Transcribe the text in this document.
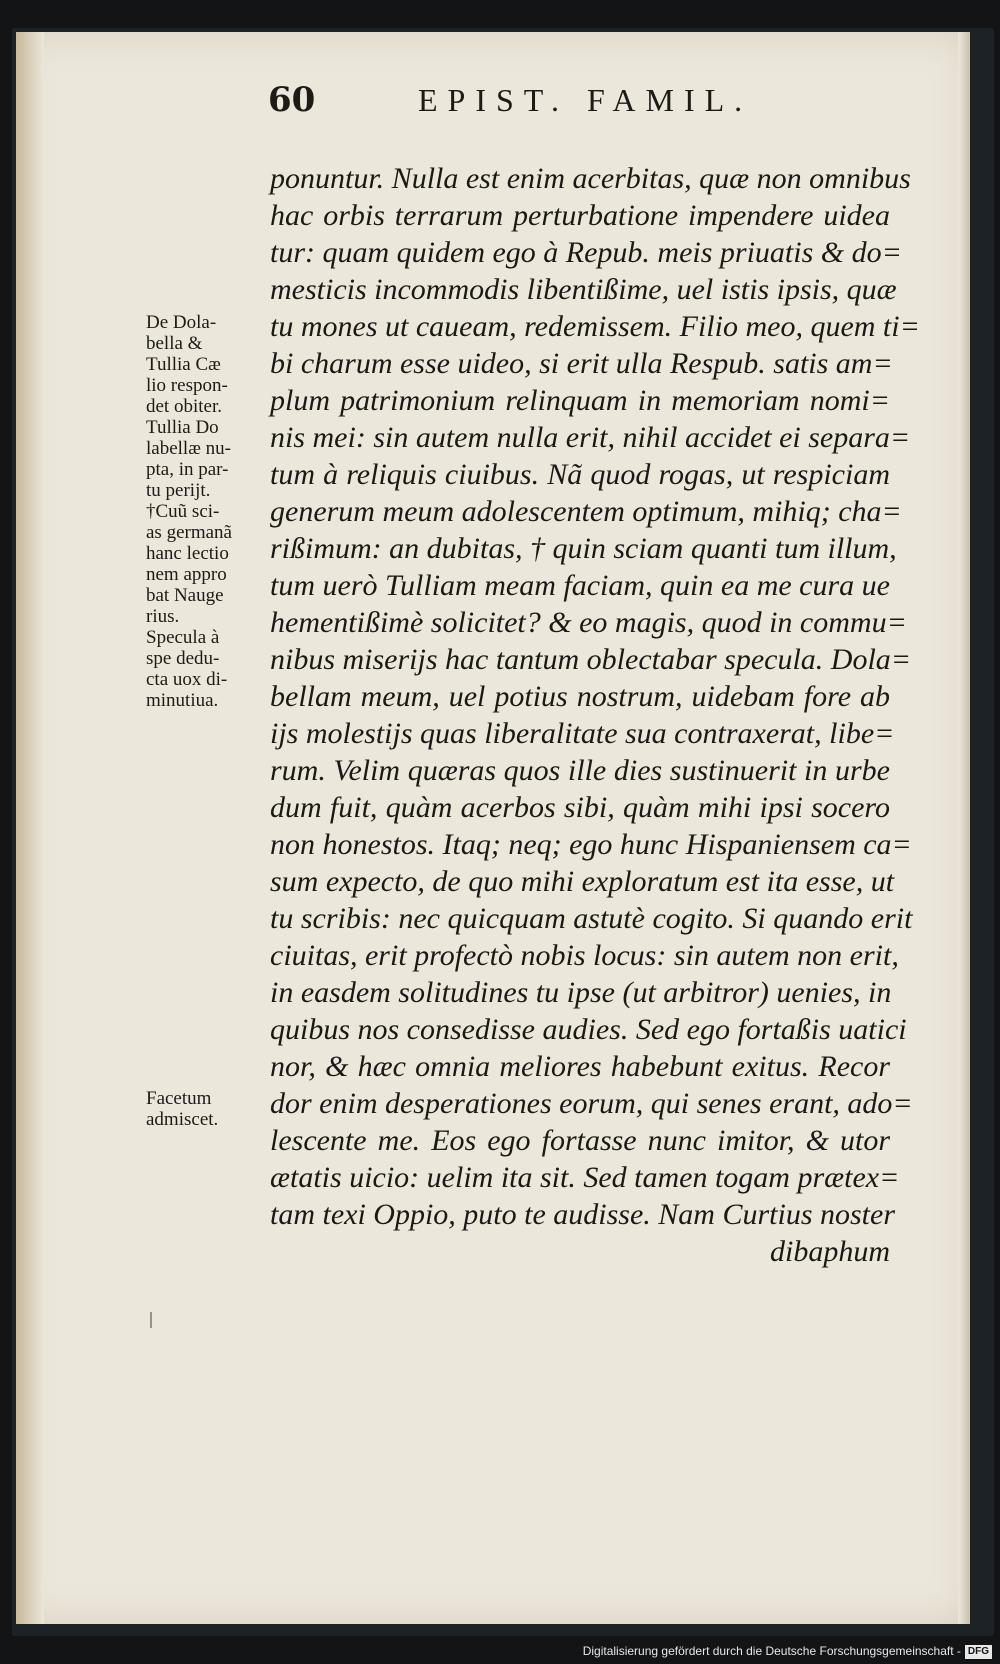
60	EPIST. FAMIL.
ponuntur. Nulla est enim acerbitas, quæ non omnibus
hac orbis terrarum perturbatione impendere uidea
tur: quam quidem ego à Repub. meis priuatis & do=
mesticis incommodis libentißime, uel istis ipsis, quæ
tu mones ut caueam, redemissem. Filio meo, quem ti=
bi charum esse uideo, si erit ulla Respub. satis am=
plum patrimonium relinquam in memoriam nomi=
nis mei: sin autem nulla erit, nihil accidet ei separa=
tum à reliquis ciuibus. Nã quod rogas, ut respiciam
generum meum adolescentem optimum, mihiq; cha=
rißimum: an dubitas, † quin sciam quanti tum illum,
tum uerò Tulliam meam faciam, quin ea me cura ue
hementißimè solicitet? & eo magis, quod in commu=
nibus miserijs hac tantum oblectabar specula. Dola=
bellam meum, uel potius nostrum, uidebam fore ab
ijs molestijs quas liberalitate sua contraxerat, libe=
rum. Velim quæras quos ille dies sustinuerit in urbe
dum fuit, quàm acerbos sibi, quàm mihi ipsi socero
non honestos. Itaq; neq; ego hunc Hispaniensem ca=
sum expecto, de quo mihi exploratum est ita esse, ut
tu scribis: nec quicquam astutè cogito. Si quando erit
ciuitas, erit profectò nobis locus: sin autem non erit,
in easdem solitudines tu ipse (ut arbitror) uenies, in
quibus nos consedisse audies. Sed ego fortaßis uatici
nor, & hæc omnia meliores habebunt exitus. Recor
dor enim desperationes eorum, qui senes erant, ado=
lescente me. Eos ego fortasse nunc imitor, & utor
ætatis uicio: uelim ita sit. Sed tamen togam prætex=
tam texi Oppio, puto te audisse. Nam Curtius noster
dibaphum
De Dola-
bella &
Tullia Cæ
lio respon-
det obiter.
Tullia Do
labellæ nu-
pta, in par-
tu perijt.
†Cuũ sci-
as germanã
hanc lectio
nem appro
bat Nauge
rius.
Specula à
spe dedu-
cta uox di-
minutiua.
Facetum
admiscet.
Digitalisierung gefördert durch die Deutsche Forschungsgemeinschaft - DFG
